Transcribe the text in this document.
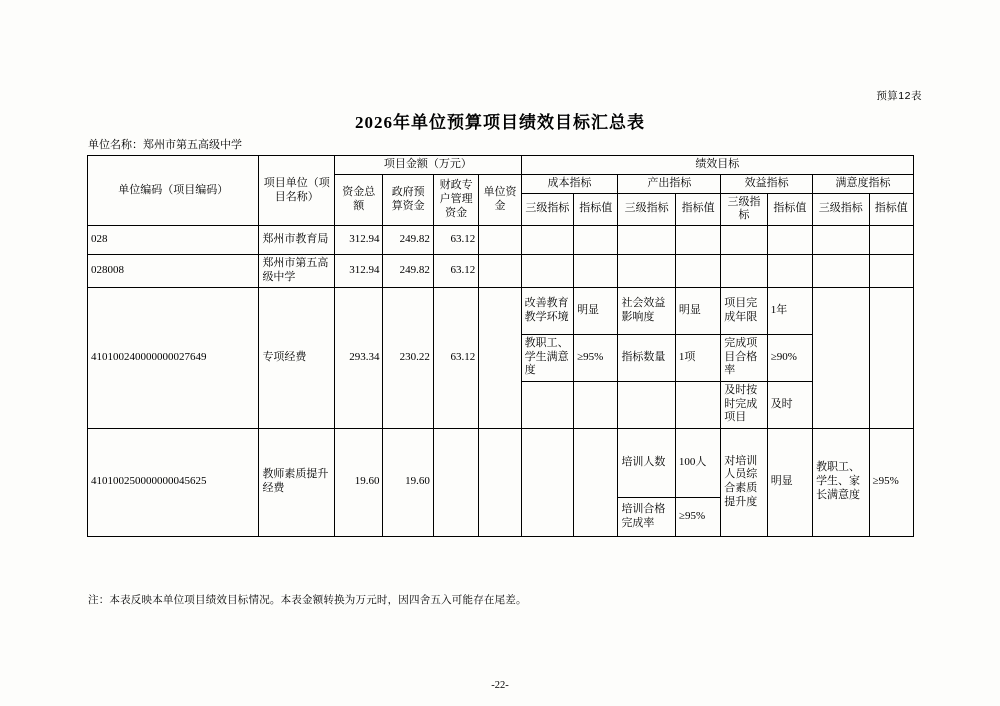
预算12表
2026年单位预算项目绩效目标汇总表
单位名称：郑州市第五高级中学
单位编码（项目编码）	项目单位（项目名称）	项目金额（万元）				绩效目标							
		资金总额	政府预算资金	财政专户管理资金	单位资金	成本指标		产出指标		效益指标		满意度指标	
						三级指标	指标值	三级指标	指标值	三级指标	指标值	三级指标	指标值
028	郑州市教育局	312.94	249.82	63.12									
028008	郑州市第五高级中学	312.94	249.82	63.12									
410100240000000027649	专项经费	293.34	230.22	63.12		改善教育教学环境	明显	社会效益影响度	明显	项目完成年限	1年		
						教职工、学生满意度	≥95%	指标数量	1项	完成项目合格率	≥90%		
										及时按时完成项目	及时		
410100250000000045625	教师素质提升经费	19.60	19.60					培训人数	100人	对培训人员综合素质提升度	明显	教职工、学生、家长满意度	≥95%
								培训合格完成率	≥95%				
注：本表反映本单位项目绩效目标情况。本表金额转换为万元时，因四舍五入可能存在尾差。
-22-
